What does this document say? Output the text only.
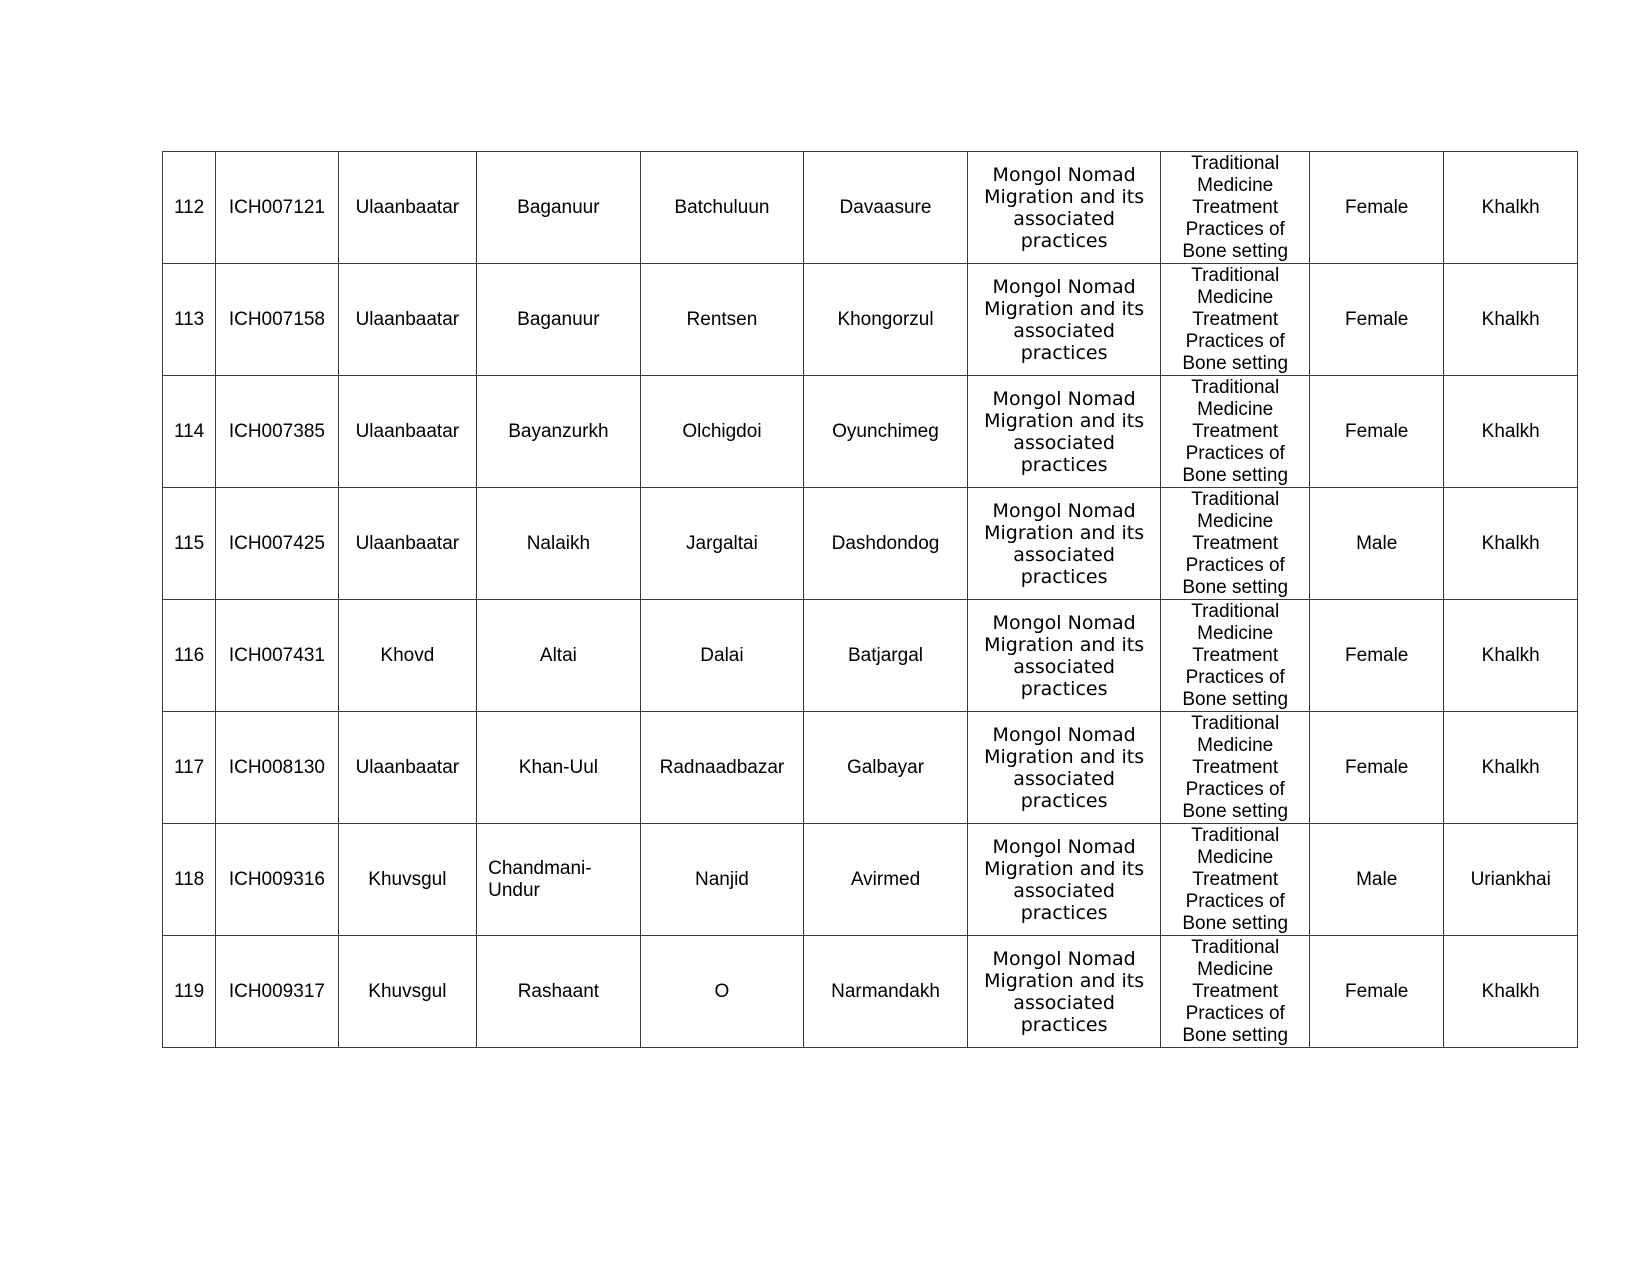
112	ICH007121	Ulaanbaatar	Baganuur	Batchuluun	Davaasure	Mongol Nomad Migration and its associated practices	Traditional Medicine Treatment Practices of Bone setting	Female	Khalkh
113	ICH007158	Ulaanbaatar	Baganuur	Rentsen	Khongorzul	Mongol Nomad Migration and its associated practices	Traditional Medicine Treatment Practices of Bone setting	Female	Khalkh
114	ICH007385	Ulaanbaatar	Bayanzurkh	Olchigdoi	Oyunchimeg	Mongol Nomad Migration and its associated practices	Traditional Medicine Treatment Practices of Bone setting	Female	Khalkh
115	ICH007425	Ulaanbaatar	Nalaikh	Jargaltai	Dashdondog	Mongol Nomad Migration and its associated practices	Traditional Medicine Treatment Practices of Bone setting	Male	Khalkh
116	ICH007431	Khovd	Altai	Dalai	Batjargal	Mongol Nomad Migration and its associated practices	Traditional Medicine Treatment Practices of Bone setting	Female	Khalkh
117	ICH008130	Ulaanbaatar	Khan-Uul	Radnaadbazar	Galbayar	Mongol Nomad Migration and its associated practices	Traditional Medicine Treatment Practices of Bone setting	Female	Khalkh
118	ICH009316	Khuvsgul	Chandmani-Undur	Nanjid	Avirmed	Mongol Nomad Migration and its associated practices	Traditional Medicine Treatment Practices of Bone setting	Male	Uriankhai
119	ICH009317	Khuvsgul	Rashaant	O	Narmandakh	Mongol Nomad Migration and its associated practices	Traditional Medicine Treatment Practices of Bone setting	Female	Khalkh
